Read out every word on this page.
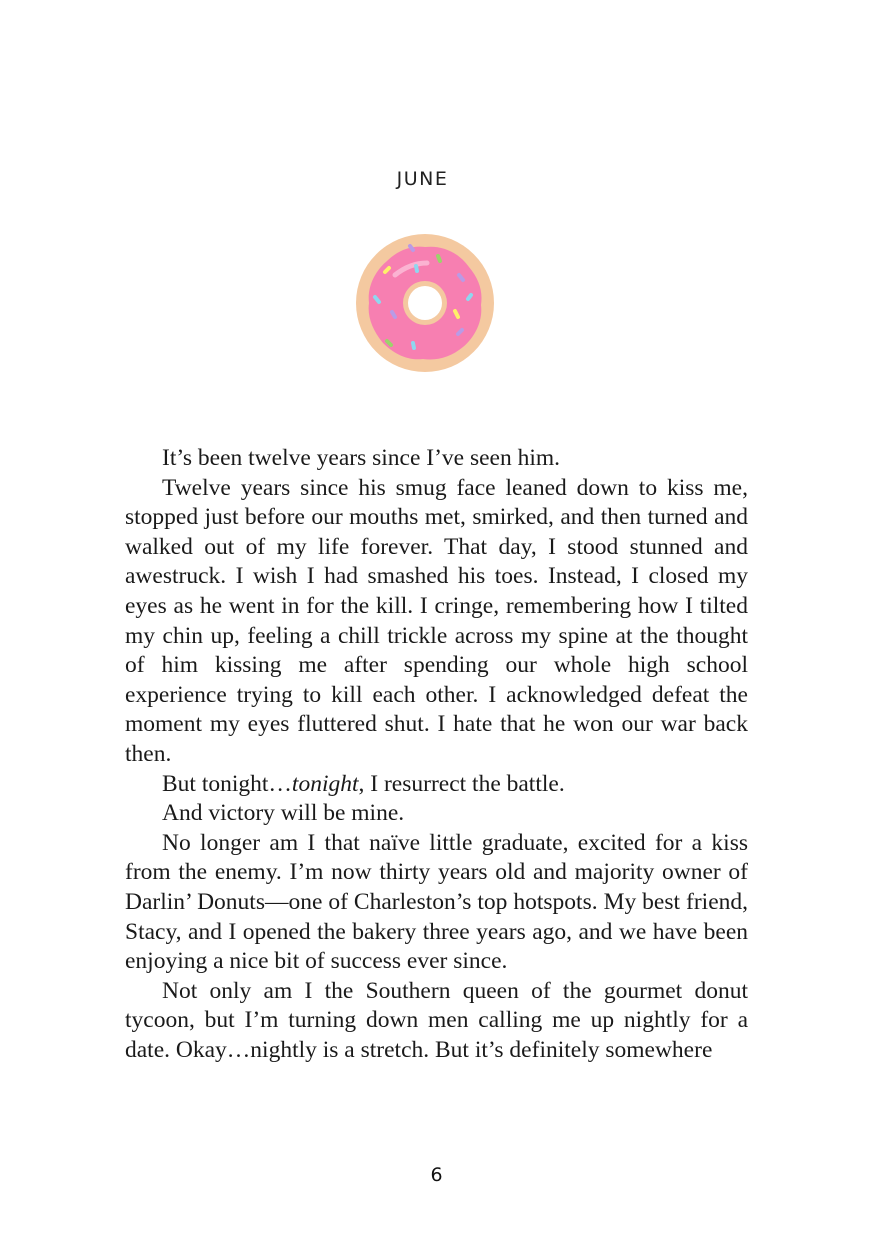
JUNE

It’s been twelve years since I’ve seen him.

Twelve years since his smug face leaned down to kiss me, stopped just before our mouths met, smirked, and then turned and walked out of my life forever. That day, I stood stunned and awestruck. I wish I had smashed his toes. Instead, I closed my eyes as he went in for the kill. I cringe, remembering how I tilted my chin up, feeling a chill trickle across my spine at the thought of him kissing me after spending our whole high school experience trying to kill each other. I acknowledged defeat the moment my eyes fluttered shut. I hate that he won our war back then.

But tonight…tonight, I resurrect the battle.

And victory will be mine.

No longer am I that naïve little graduate, excited for a kiss from the enemy. I’m now thirty years old and majority owner of Darlin’ Donuts—one of Charleston’s top hotspots. My best friend, Stacy, and I opened the bakery three years ago, and we have been enjoying a nice bit of success ever since.

Not only am I the Southern queen of the gourmet donut tycoon, but I’m turning down men calling me up nightly for a date. Okay…nightly is a stretch. But it’s definitely somewhere

6
